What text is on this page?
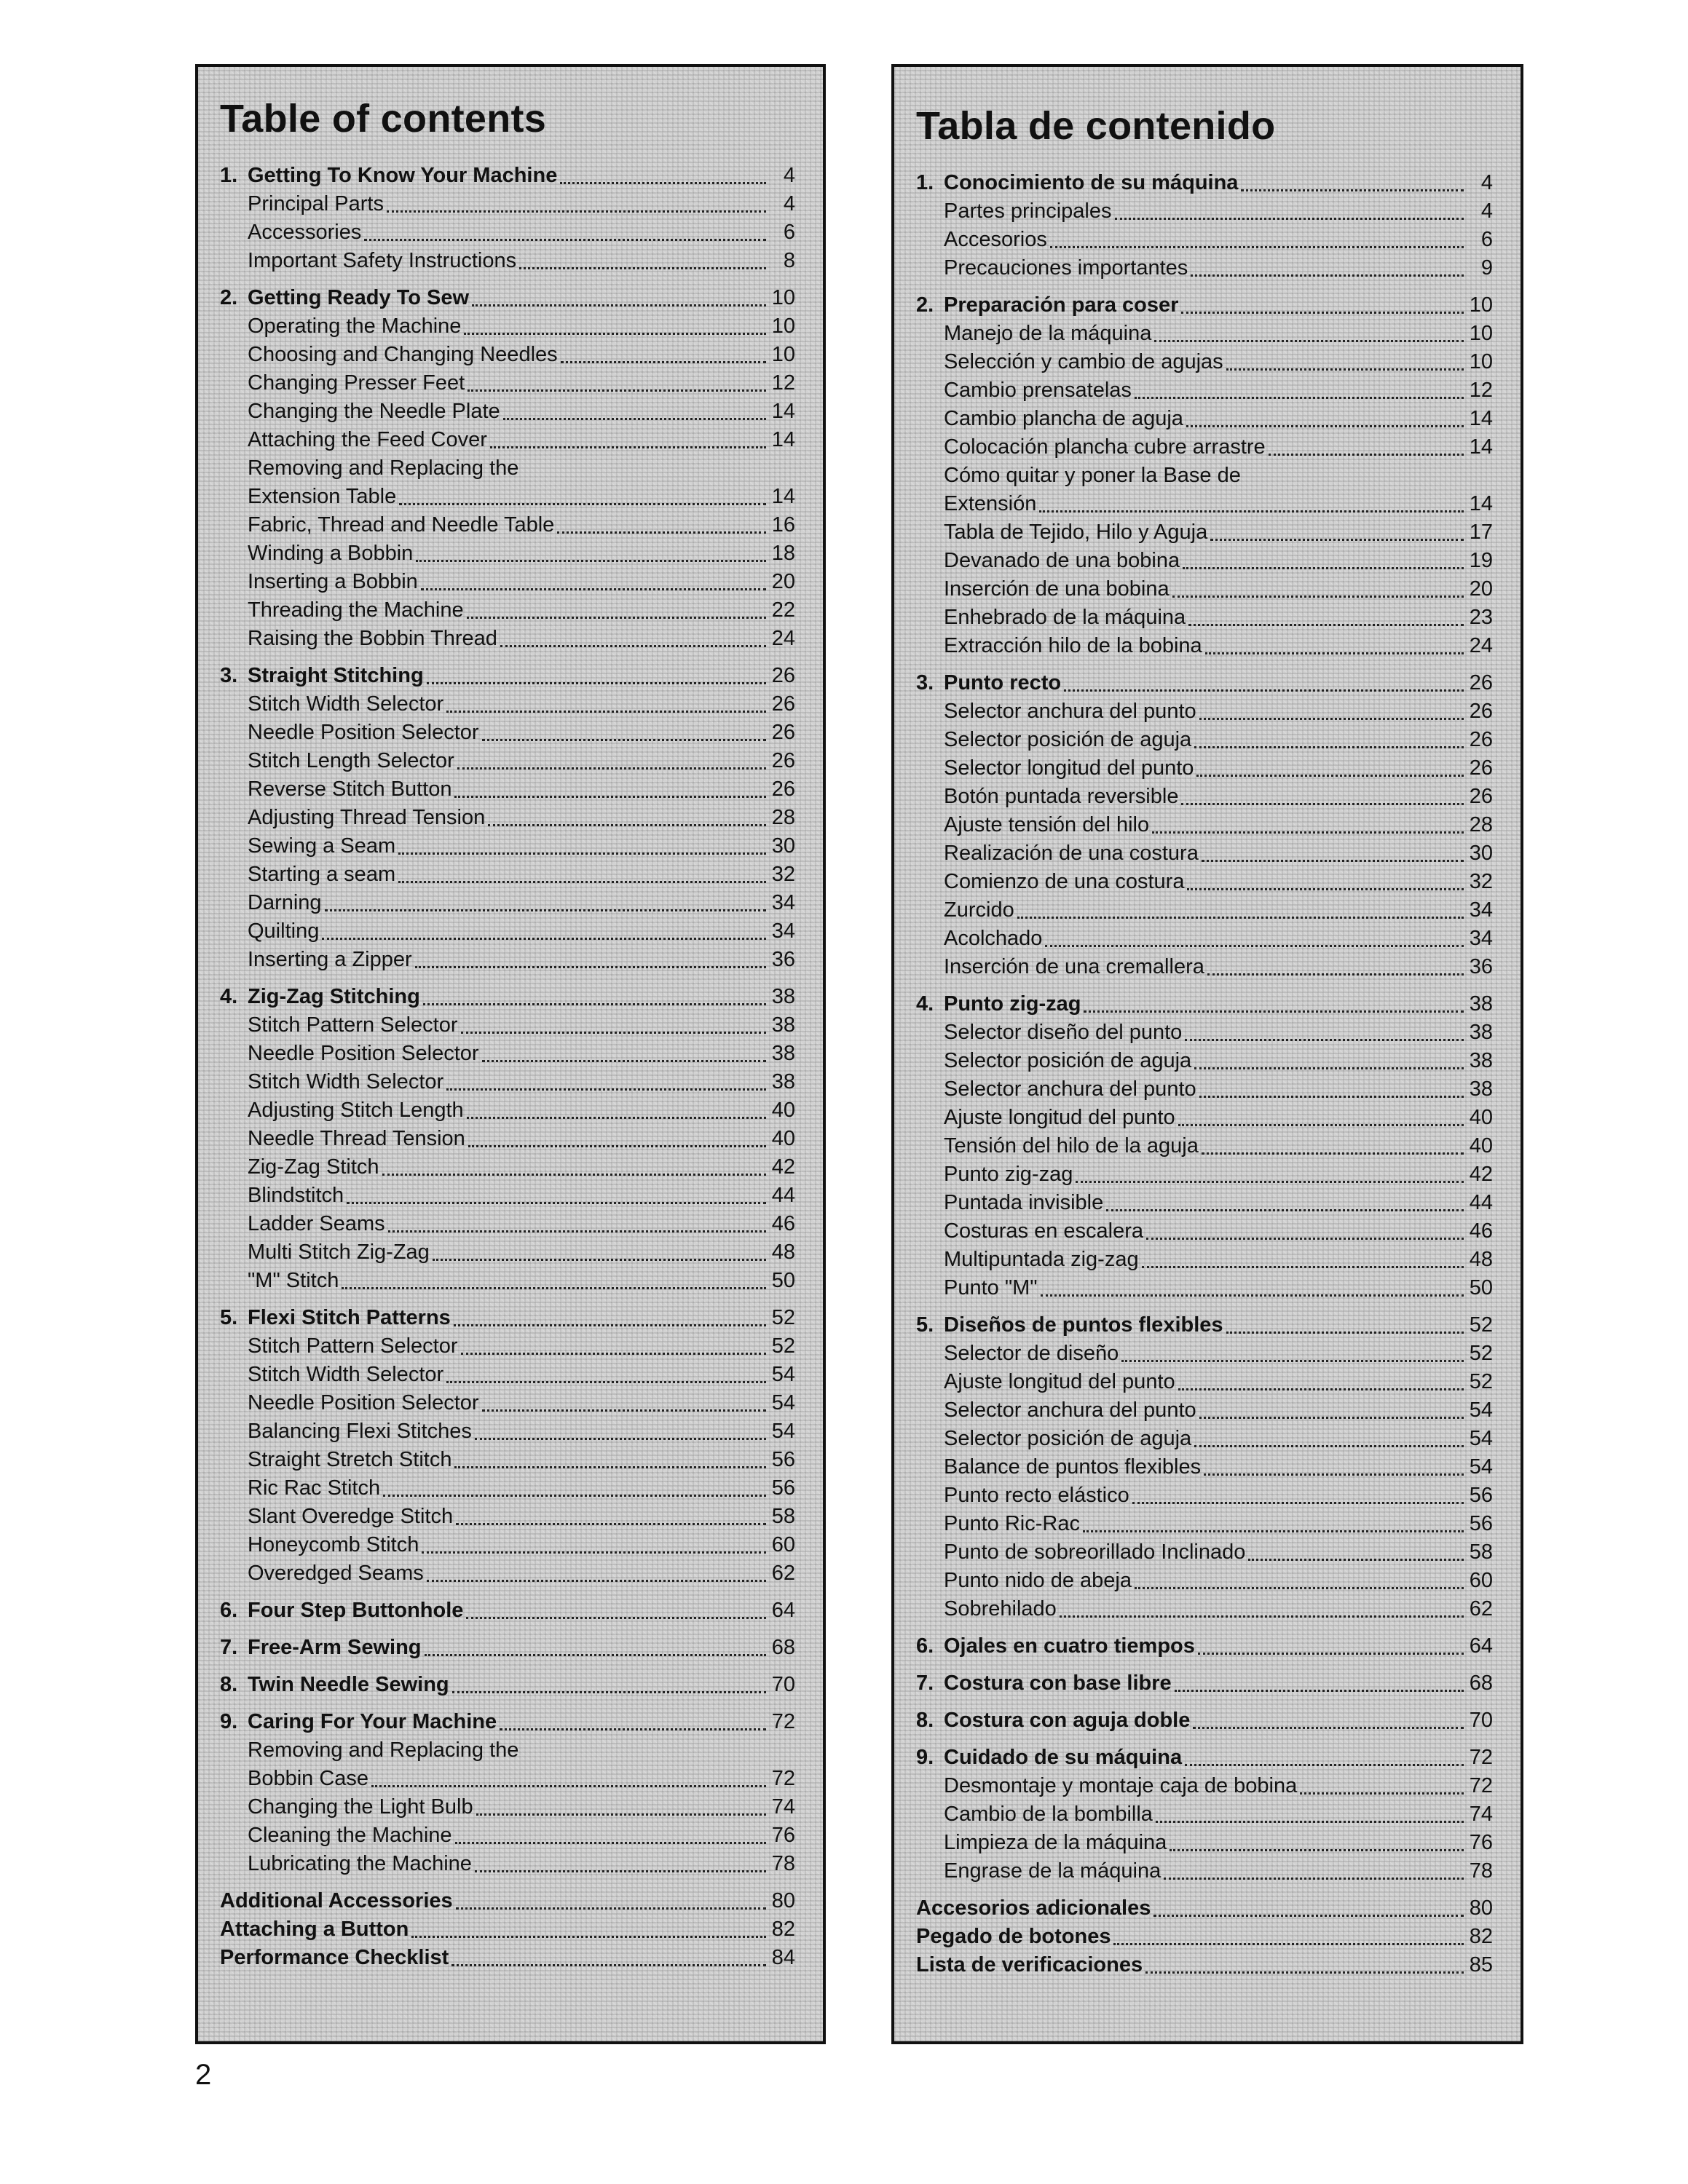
Table of contents
1. Getting To Know Your Machine	4
Principal Parts	4
Accessories	6
Important Safety Instructions	8
2. Getting Ready To Sew	10
Operating the Machine	10
Choosing and Changing Needles	10
Changing Presser Feet	12
Changing the Needle Plate	14
Attaching the Feed Cover	14
Removing and Replacing the
Extension Table	14
Fabric, Thread and Needle Table	16
Winding a Bobbin	18
Inserting a Bobbin	20
Threading the Machine	22
Raising the Bobbin Thread	24
3. Straight Stitching	26
Stitch Width Selector	26
Needle Position Selector	26
Stitch Length Selector	26
Reverse Stitch Button	26
Adjusting Thread Tension	28
Sewing a Seam	30
Starting a seam	32
Darning	34
Quilting	34
Inserting a Zipper	36
4. Zig-Zag Stitching	38
Stitch Pattern Selector	38
Needle Position Selector	38
Stitch Width Selector	38
Adjusting Stitch Length	40
Needle Thread Tension	40
Zig-Zag Stitch	42
Blindstitch	44
Ladder Seams	46
Multi Stitch Zig-Zag	48
"M" Stitch	50
5. Flexi Stitch Patterns	52
Stitch Pattern Selector	52
Stitch Width Selector	54
Needle Position Selector	54
Balancing Flexi Stitches	54
Straight Stretch Stitch	56
Ric Rac Stitch	56
Slant Overedge Stitch	58
Honeycomb Stitch	60
Overedged Seams	62
6. Four Step Buttonhole	64
7. Free-Arm Sewing	68
8. Twin Needle Sewing	70
9. Caring For Your Machine	72
Removing and Replacing the
Bobbin Case	72
Changing the Light Bulb	74
Cleaning the Machine	76
Lubricating the Machine	78
Additional Accessories	80
Attaching a Button	82
Performance Checklist	84
Tabla de contenido
1. Conocimiento de su máquina	4
Partes principales	4
Accesorios	6
Precauciones importantes	9
2. Preparación para coser	10
Manejo de la máquina	10
Selección y cambio de agujas	10
Cambio prensatelas	12
Cambio plancha de aguja	14
Colocación plancha cubre arrastre	14
Cómo quitar y poner la Base de
Extensión	14
Tabla de Tejido, Hilo y Aguja	17
Devanado de una bobina	19
Inserción de una bobina	20
Enhebrado de la máquina	23
Extracción hilo de la bobina	24
3. Punto recto	26
Selector anchura del punto	26
Selector posición de aguja	26
Selector longitud del punto	26
Botón puntada reversible	26
Ajuste tensión del hilo	28
Realización de una costura	30
Comienzo de una costura	32
Zurcido	34
Acolchado	34
Inserción de una cremallera	36
4. Punto zig-zag	38
Selector diseño del punto	38
Selector posición de aguja	38
Selector anchura del punto	38
Ajuste longitud del punto	40
Tensión del hilo de la aguja	40
Punto zig-zag	42
Puntada invisible	44
Costuras en escalera	46
Multipuntada zig-zag	48
Punto "M"	50
5. Diseños de puntos flexibles	52
Selector de diseño	52
Ajuste longitud del punto	52
Selector anchura del punto	54
Selector posición de aguja	54
Balance de puntos flexibles	54
Punto recto elástico	56
Punto Ric-Rac	56
Punto de sobreorillado Inclinado	58
Punto nido de abeja	60
Sobrehilado	62
6. Ojales en cuatro tiempos	64
7. Costura con base libre	68
8. Costura con aguja doble	70
9. Cuidado de su máquina	72
Desmontaje y montaje caja de bobina	72
Cambio de la bombilla	74
Limpieza de la máquina	76
Engrase de la máquina	78
Accesorios adicionales	80
Pegado de botones	82
Lista de verificaciones	85
2
